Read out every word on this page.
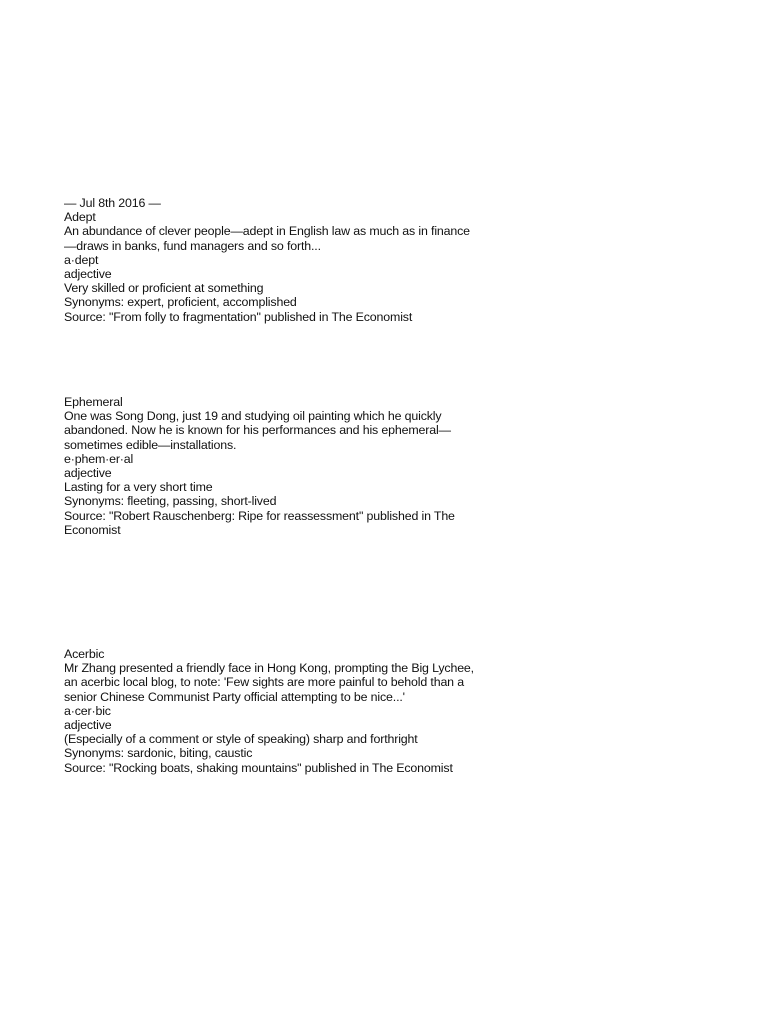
— Jul 8th 2016 —
Adept
An abundance of clever people—adept in English law as much as in finance—draws in banks, fund managers and so forth...
a·dept
adjective
Very skilled or proficient at something
Synonyms: expert, proficient, accomplished
Source: "From folly to fragmentation" published in The Economist
Ephemeral
One was Song Dong, just 19 and studying oil painting which he quickly abandoned. Now he is known for his performances and his ephemeral—sometimes edible—installations.
e·phem·er·al
adjective
Lasting for a very short time
Synonyms: fleeting, passing, short-lived
Source: "Robert Rauschenberg: Ripe for reassessment" published in The Economist
Acerbic
Mr Zhang presented a friendly face in Hong Kong, prompting the Big Lychee, an acerbic local blog, to note: 'Few sights are more painful to behold than a senior Chinese Communist Party official attempting to be nice...'
a·cer·bic
adjective
(Especially of a comment or style of speaking) sharp and forthright
Synonyms: sardonic, biting, caustic
Source: "Rocking boats, shaking mountains" published in The Economist
